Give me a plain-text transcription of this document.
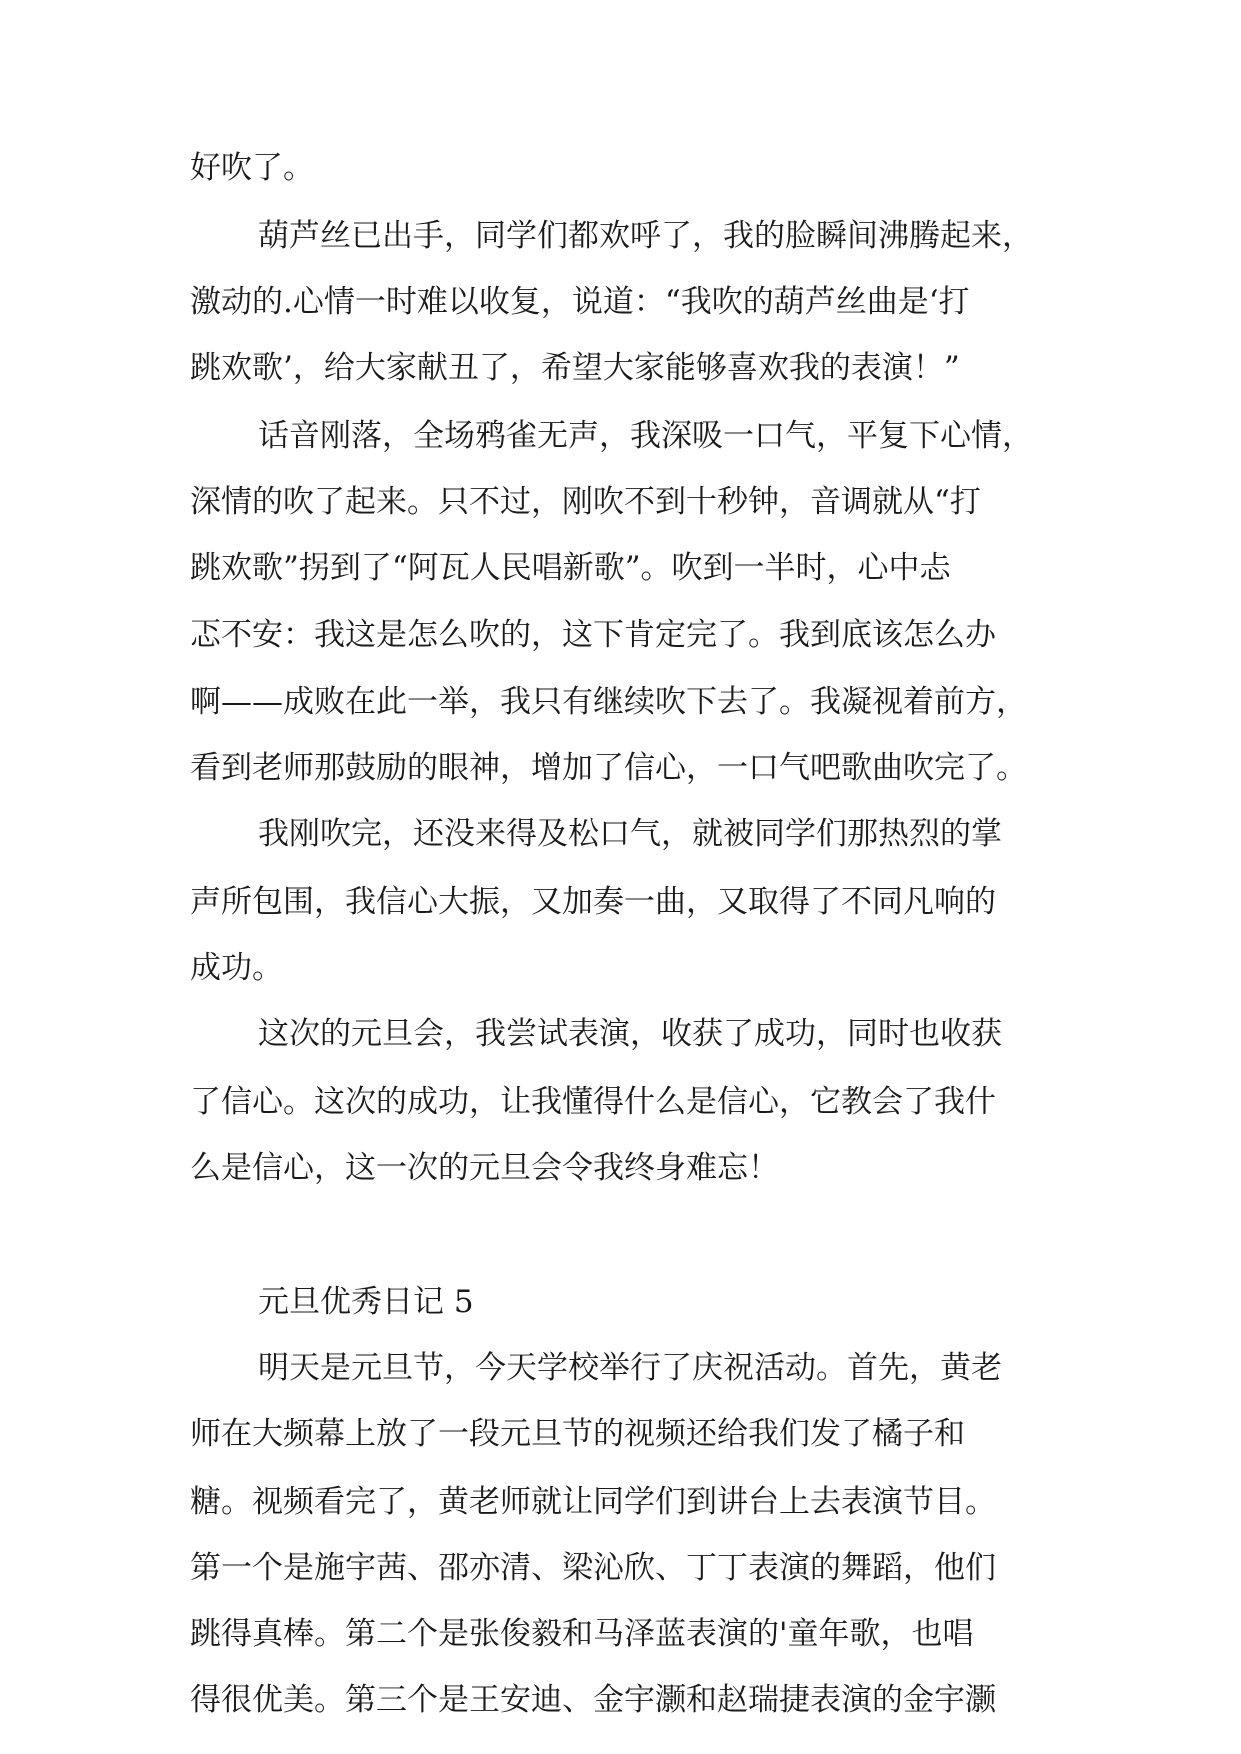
好吹了。

葫芦丝已出手，同学们都欢呼了，我的脸瞬间沸腾起来，

激动的.心情一时难以收复，说道：“我吹的葫芦丝曲是‘打

跳欢歌’，给大家献丑了，希望大家能够喜欢我的表演！”

话音刚落，全场鸦雀无声，我深吸一口气，平复下心情，

深情的吹了起来。只不过，刚吹不到十秒钟，音调就从“打

跳欢歌”拐到了“阿瓦人民唱新歌”。吹到一半时，心中忐

忑不安：我这是怎么吹的，这下肯定完了。我到底该怎么办

啊——成败在此一举，我只有继续吹下去了。我凝视着前方，

看到老师那鼓励的眼神，增加了信心，一口气吧歌曲吹完了。

我刚吹完，还没来得及松口气，就被同学们那热烈的掌

声所包围，我信心大振，又加奏一曲，又取得了不同凡响的

成功。

这次的元旦会，我尝试表演，收获了成功，同时也收获

了信心。这次的成功，让我懂得什么是信心，它教会了我什

么是信心，这一次的元旦会令我终身难忘！

元旦优秀日记 5

明天是元旦节，今天学校举行了庆祝活动。首先，黄老

师在大频幕上放了一段元旦节的视频还给我们发了橘子和

糖。视频看完了，黄老师就让同学们到讲台上去表演节目。

第一个是施宇茜、邵亦清、梁沁欣、丁丁表演的舞蹈，他们

跳得真棒。第二个是张俊毅和马泽蓝表演的'童年歌，也唱

得很优美。第三个是王安迪、金宇灏和赵瑞捷表演的金宇灏
